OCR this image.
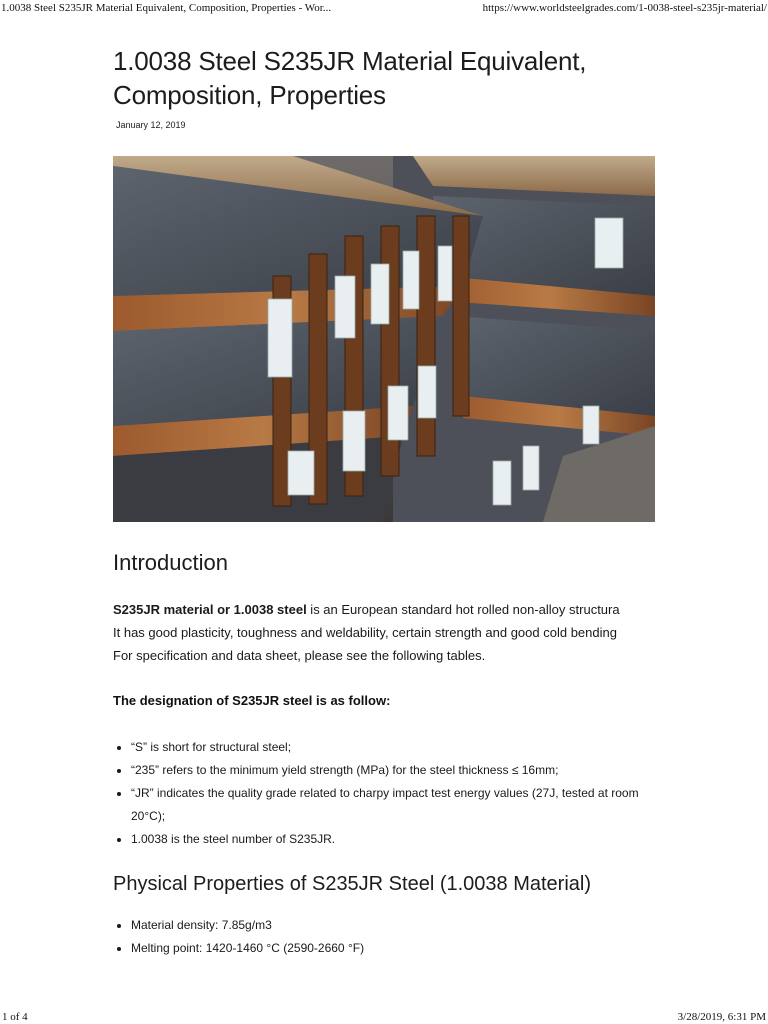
1.0038 Steel S235JR Material Equivalent, Composition, Properties - Wor...	https://www.worldsteelgrades.com/1-0038-steel-s235jr-material/
1.0038 Steel S235JR Material Equivalent,
Composition, Properties
January 12, 2019
Introduction
S235JR material or 1.0038 steel is an European standard hot rolled non-alloy structura
It has good plasticity, toughness and weldability, certain strength and good cold bending
For specification and data sheet, please see the following tables.
The designation of S235JR steel is as follow:
• “S” is short for structural steel;
• “235” refers to the minimum yield strength (MPa) for the steel thickness ≤ 16mm;
• “JR” indicates the quality grade related to charpy impact test energy values (27J, tested at room 20°C);
• 1.0038 is the steel number of S235JR.
Physical Properties of S235JR Steel (1.0038 Material)
• Material density: 7.85g/m3
• Melting point: 1420-1460 °C (2590-2660 °F)
1 of 4	3/28/2019, 6:31 PM
